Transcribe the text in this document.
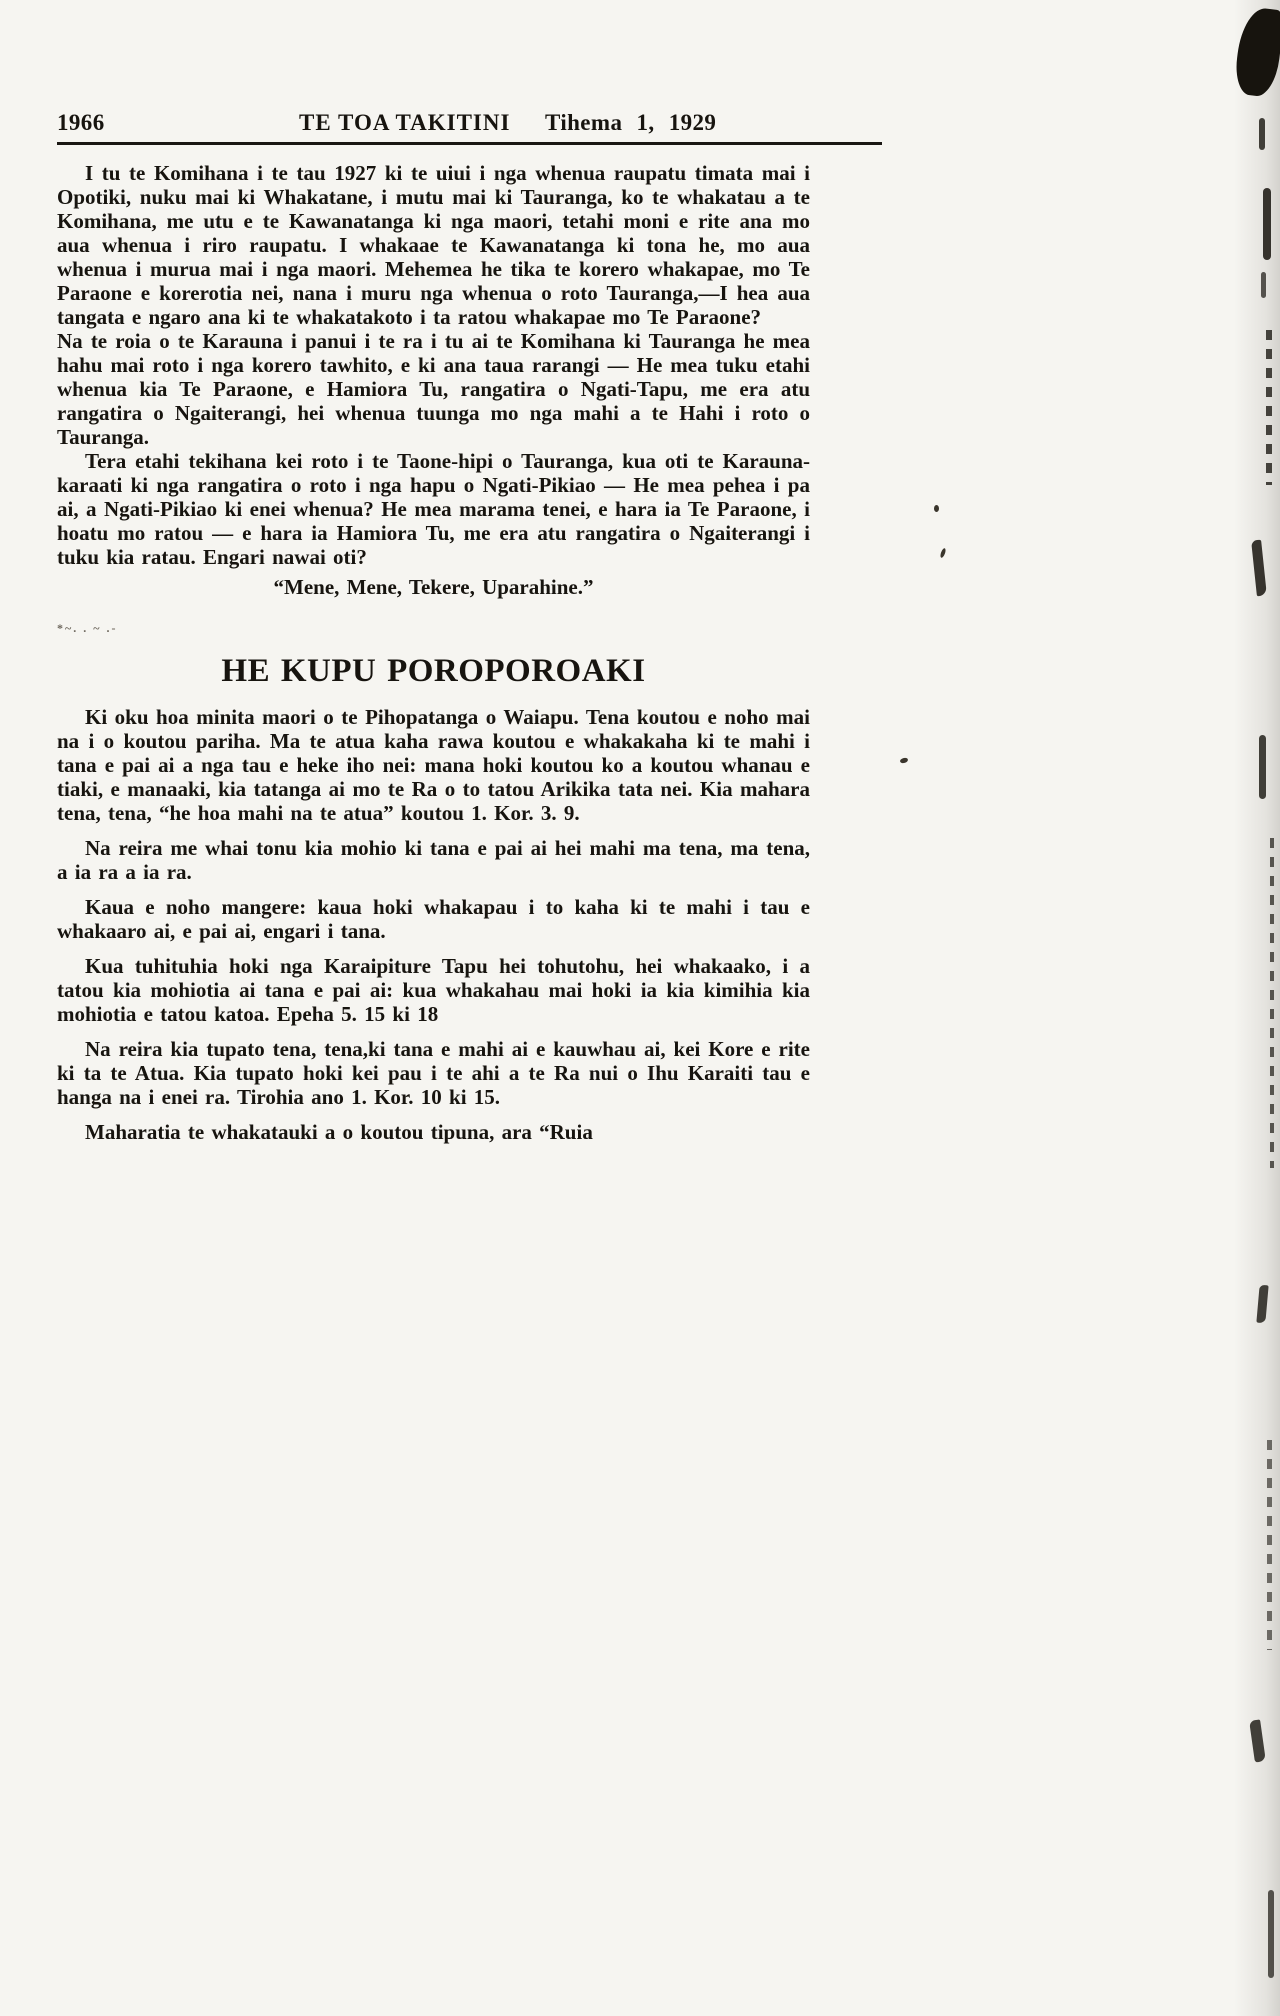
1966	TE TOA TAKITINI Tihema 1, 1929

I tu te Komihana i te tau 1927 ki te uiui i nga whenua raupatu timata mai i Opotiki, nuku mai ki Whakatane, i mutu mai ki Tauranga, ko te whakatau a te Komihana, me utu e te Kawanatanga ki nga maori, tetahi moni e rite ana mo aua whenua i riro raupatu. I whakaae te Kawanatanga ki tona he, mo aua whenua i murua mai i nga maori. Mehemea he tika te korero whakapae, mo Te Paraone e korerotia nei, nana i muru nga whenua o roto Tauranga,—I hea aua tangata e ngaro ana ki te whakatakoto i ta ratou whakapae mo Te Paraone?

Na te roia o te Karauna i panui i te ra i tu ai te Komihana ki Tauranga he mea hahu mai roto i nga korero tawhito, e ki ana taua rarangi — He mea tuku etahi whenua kia Te Paraone, e Hamiora Tu, rangatira o Ngati-Tapu, me era atu rangatira o Ngaiterangi, hei whenua tuunga mo nga mahi a te Hahi i roto o Tauranga.

Tera etahi tekihana kei roto i te Taone-hipi o Tauranga, kua oti te Karauna-karaati ki nga rangatira o roto i nga hapu o Ngati-Pikiao — He mea pehea i pa ai, a Ngati-Pikiao ki enei whenua? He mea marama tenei, e hara ia Te Paraone, i hoatu mo ratou — e hara ia Hamiora Tu, me era atu rangatira o Ngaiterangi i tuku kia ratau. Engari nawai oti?

“Mene, Mene, Tekere, Uparahine.”

*~. . ~ .-
HE KUPU POROPOROAKI

Ki oku hoa minita maori o te Pihopatanga o Waiapu. Tena koutou e noho mai na i o koutou pariha. Ma te atua kaha rawa koutou e whakakaha ki te mahi i tana e pai ai a nga tau e heke iho nei: mana hoki koutou ko a koutou whanau e tiaki, e manaaki, kia tatanga ai mo te Ra o to tatou Arikika tata nei. Kia mahara tena, tena, “he hoa mahi na te atua” koutou 1. Kor. 3. 9.

Na reira me whai tonu kia mohio ki tana e pai ai hei mahi ma tena, ma tena, a ia ra a ia ra.

Kaua e noho mangere: kaua hoki whakapau i to kaha ki te mahi i tau e whakaaro ai, e pai ai, engari i tana.

Kua tuhituhia hoki nga Karaipiture Tapu hei tohutohu, hei whakaako, i a tatou kia mohiotia ai tana e pai ai: kua whakahau mai hoki ia kia kimihia kia mohiotia e tatou katoa. Epeha 5. 15 ki 18

Na reira kia tupato tena, tena,ki tana e mahi ai e kauwhau ai, kei Kore e rite ki ta te Atua. Kia tupato hoki kei pau i te ahi a te Ra nui o Ihu Karaiti tau e hanga na i enei ra. Tirohia ano 1. Kor. 10 ki 15.

Maharatia te whakatauki a o koutou tipuna, ara “Ruia
